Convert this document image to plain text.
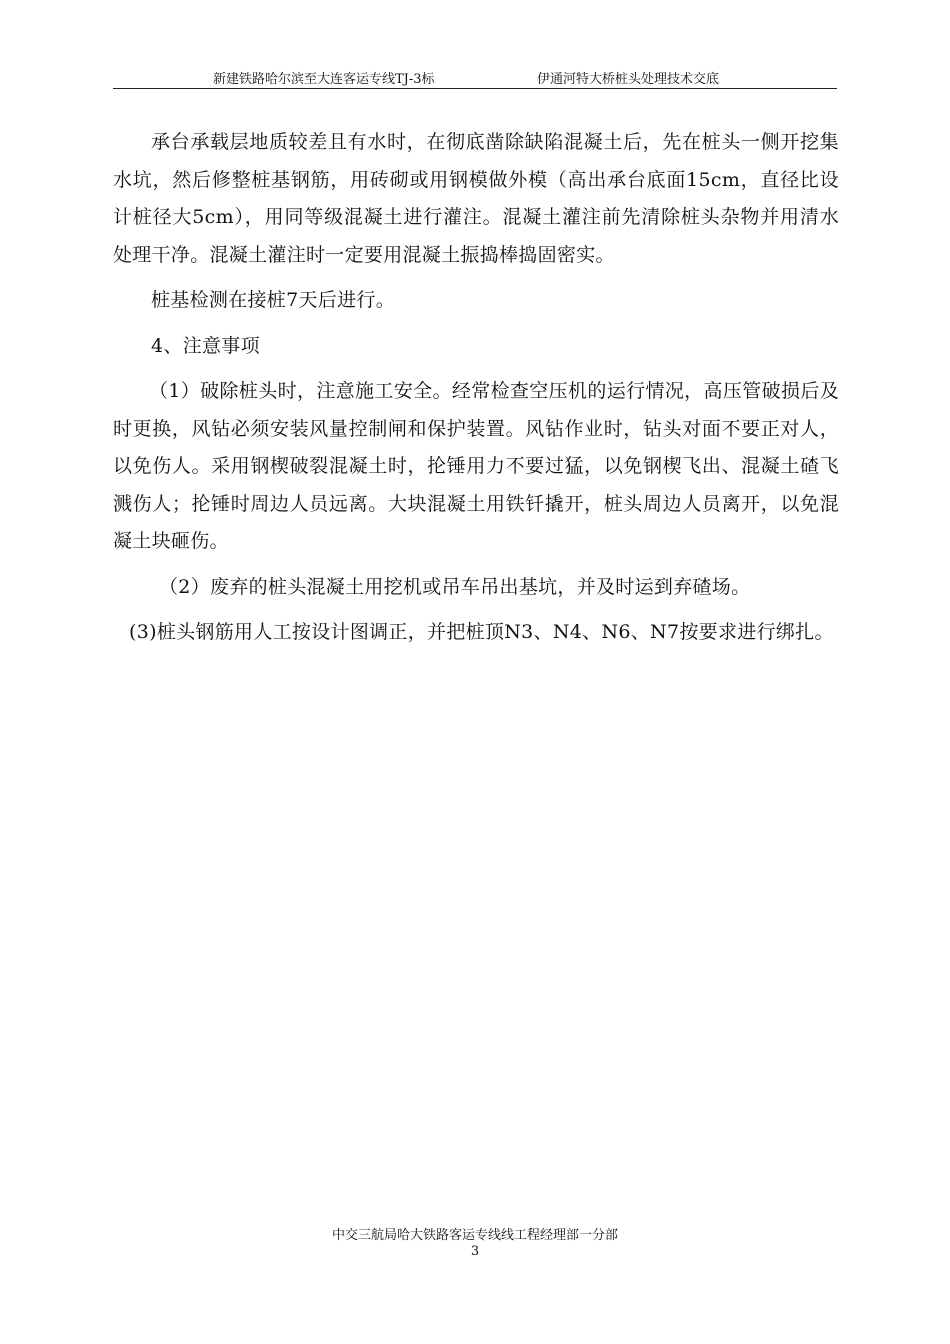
新建铁路哈尔滨至大连客运专线TJ-3标	伊通河特大桥桩头处理技术交底

承台承载层地质较差且有水时，在彻底凿除缺陷混凝土后，先在桩头一侧开挖集水坑，然后修整桩基钢筋，用砖砌或用钢模做外模（高出承台底面15cm，直径比设计桩径大5cm），用同等级混凝土进行灌注。混凝土灌注前先清除桩头杂物并用清水处理干净。混凝土灌注时一定要用混凝土振捣棒捣固密实。

桩基检测在接桩7天后进行。

4、注意事项

（1）破除桩头时，注意施工安全。经常检查空压机的运行情况，高压管破损后及时更换，风钻必须安装风量控制闸和保护装置。风钻作业时，钻头对面不要正对人，以免伤人。采用钢楔破裂混凝土时，抡锤用力不要过猛，以免钢楔飞出、混凝土碴飞溅伤人；抡锤时周边人员远离。大块混凝土用铁钎撬开，桩头周边人员离开，以免混凝土块砸伤。

（2）废弃的桩头混凝土用挖机或吊车吊出基坑，并及时运到弃碴场。

(3)桩头钢筋用人工按设计图调正，并把桩顶N3、N4、N6、N7按要求进行绑扎。

中交三航局哈大铁路客运专线线工程经理部一分部
3
